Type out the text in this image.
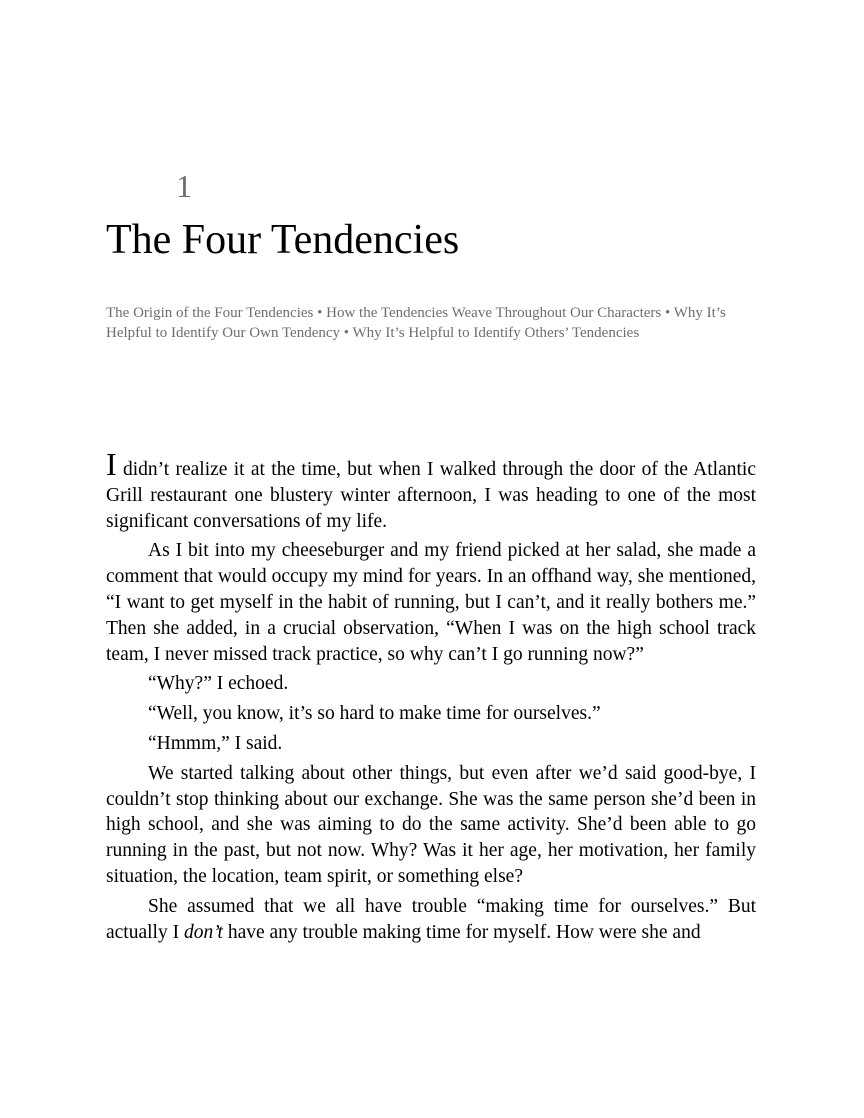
1
The Four Tendencies

The Origin of the Four Tendencies • How the Tendencies Weave Throughout Our Characters • Why It’s Helpful to Identify Our Own Tendency • Why It’s Helpful to Identify Others’ Tendencies

I didn’t realize it at the time, but when I walked through the door of the Atlantic Grill restaurant one blustery winter afternoon, I was heading to one of the most significant conversations of my life.

As I bit into my cheeseburger and my friend picked at her salad, she made a comment that would occupy my mind for years. In an offhand way, she mentioned, “I want to get myself in the habit of running, but I can’t, and it really bothers me.” Then she added, in a crucial observation, “When I was on the high school track team, I never missed track practice, so why can’t I go running now?”

“Why?” I echoed.

“Well, you know, it’s so hard to make time for ourselves.”

“Hmmm,” I said.

We started talking about other things, but even after we’d said good-bye, I couldn’t stop thinking about our exchange. She was the same person she’d been in high school, and she was aiming to do the same activity. She’d been able to go running in the past, but not now. Why? Was it her age, her motivation, her family situation, the location, team spirit, or something else?

She assumed that we all have trouble “making time for ourselves.” But actually I don’t have any trouble making time for myself. How were she and
